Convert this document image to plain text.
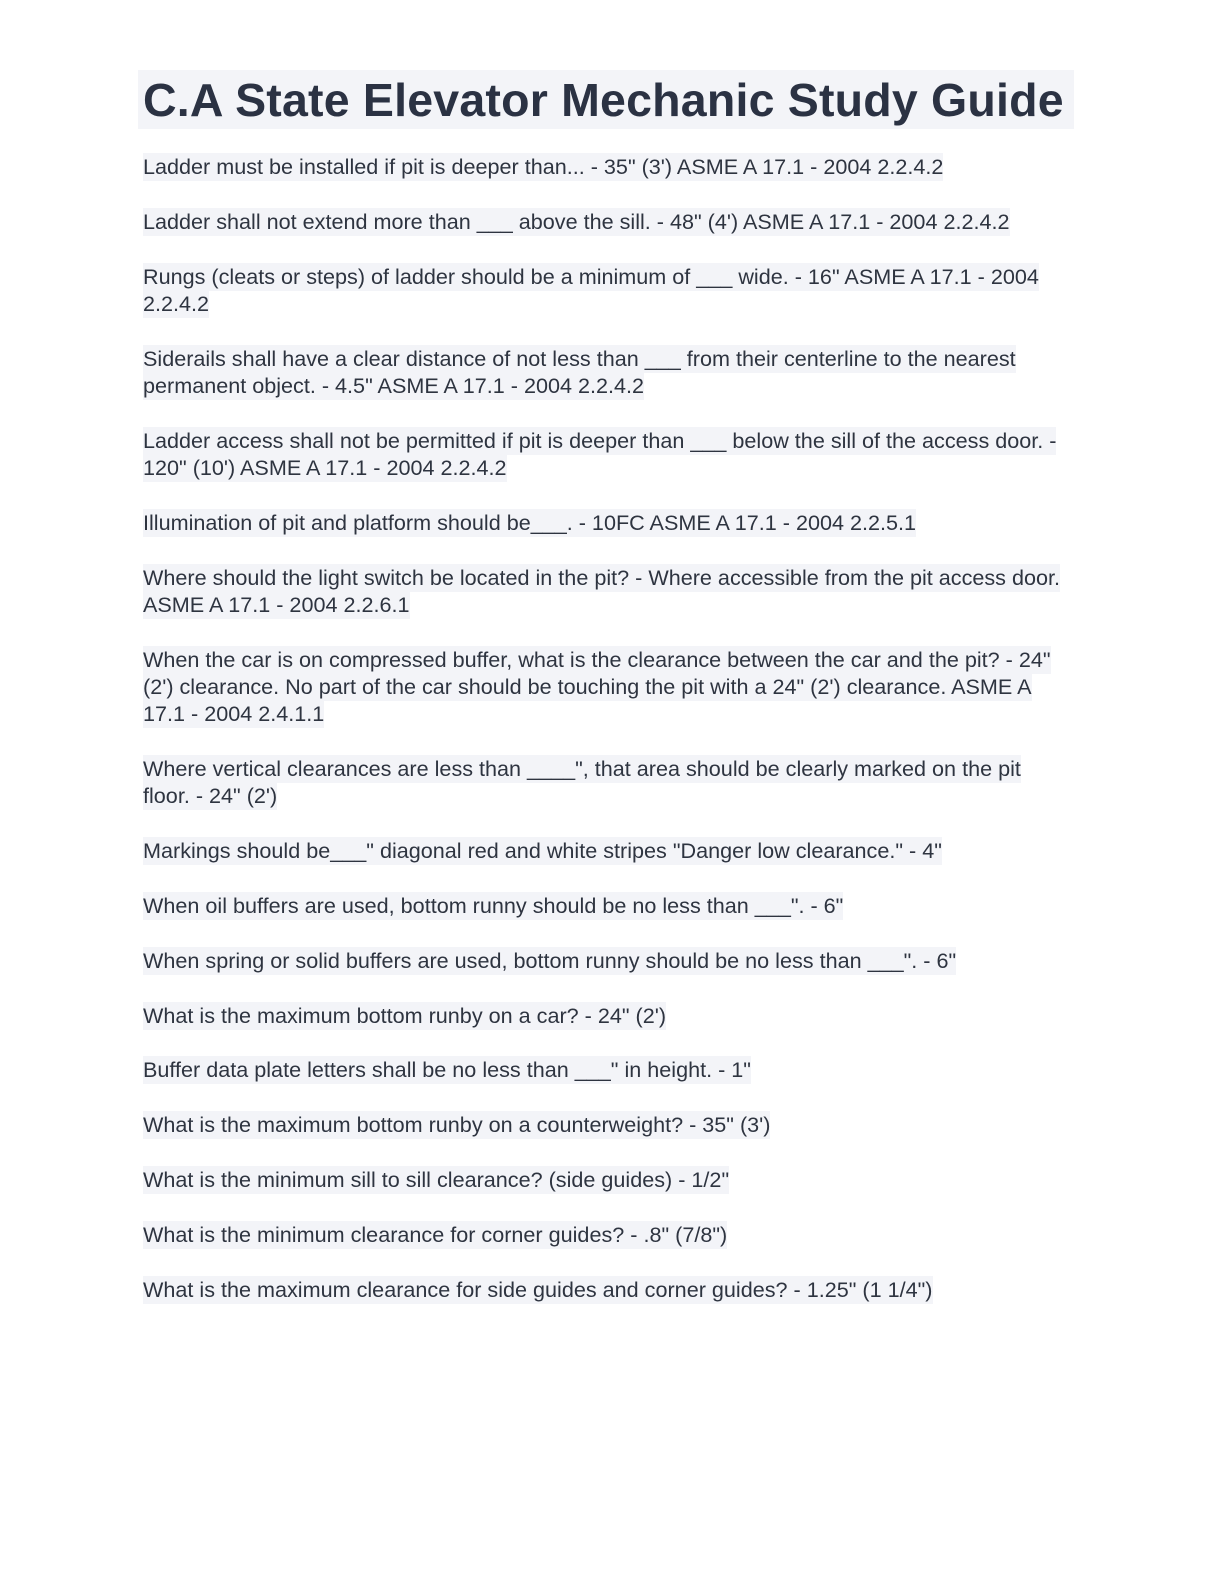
C.A State Elevator Mechanic Study Guide
Ladder must be installed if pit is deeper than... - 35" (3') ASME A 17.1 - 2004 2.2.4.2
Ladder shall not extend more than ___ above the sill. - 48" (4') ASME A 17.1 - 2004 2.2.4.2
Rungs (cleats or steps) of ladder should be a minimum of ___ wide. - 16" ASME A 17.1 - 2004 2.2.4.2
Siderails shall have a clear distance of not less than ___ from their centerline to the nearest permanent object. - 4.5" ASME A 17.1 - 2004 2.2.4.2
Ladder access shall not be permitted if pit is deeper than ___ below the sill of the access door. - 120" (10') ASME A 17.1 - 2004 2.2.4.2
Illumination of pit and platform should be___. - 10FC ASME A 17.1 - 2004 2.2.5.1
Where should the light switch be located in the pit? - Where accessible from the pit access door. ASME A 17.1 - 2004 2.2.6.1
When the car is on compressed buffer, what is the clearance between the car and the pit? - 24" (2') clearance. No part of the car should be touching the pit with a 24" (2') clearance. ASME A 17.1 - 2004 2.4.1.1
Where vertical clearances are less than ____", that area should be clearly marked on the pit floor. - 24" (2')
Markings should be___" diagonal red and white stripes "Danger low clearance." - 4"
When oil buffers are used, bottom runny should be no less than ___". - 6"
When spring or solid buffers are used, bottom runny should be no less than ___". - 6"
What is the maximum bottom runby on a car? - 24" (2')
Buffer data plate letters shall be no less than ___" in height. - 1"
What is the maximum bottom runby on a counterweight? - 35" (3')
What is the minimum sill to sill clearance? (side guides) - 1/2"
What is the minimum clearance for corner guides? - .8" (7/8")
What is the maximum clearance for side guides and corner guides? - 1.25" (1 1/4")
